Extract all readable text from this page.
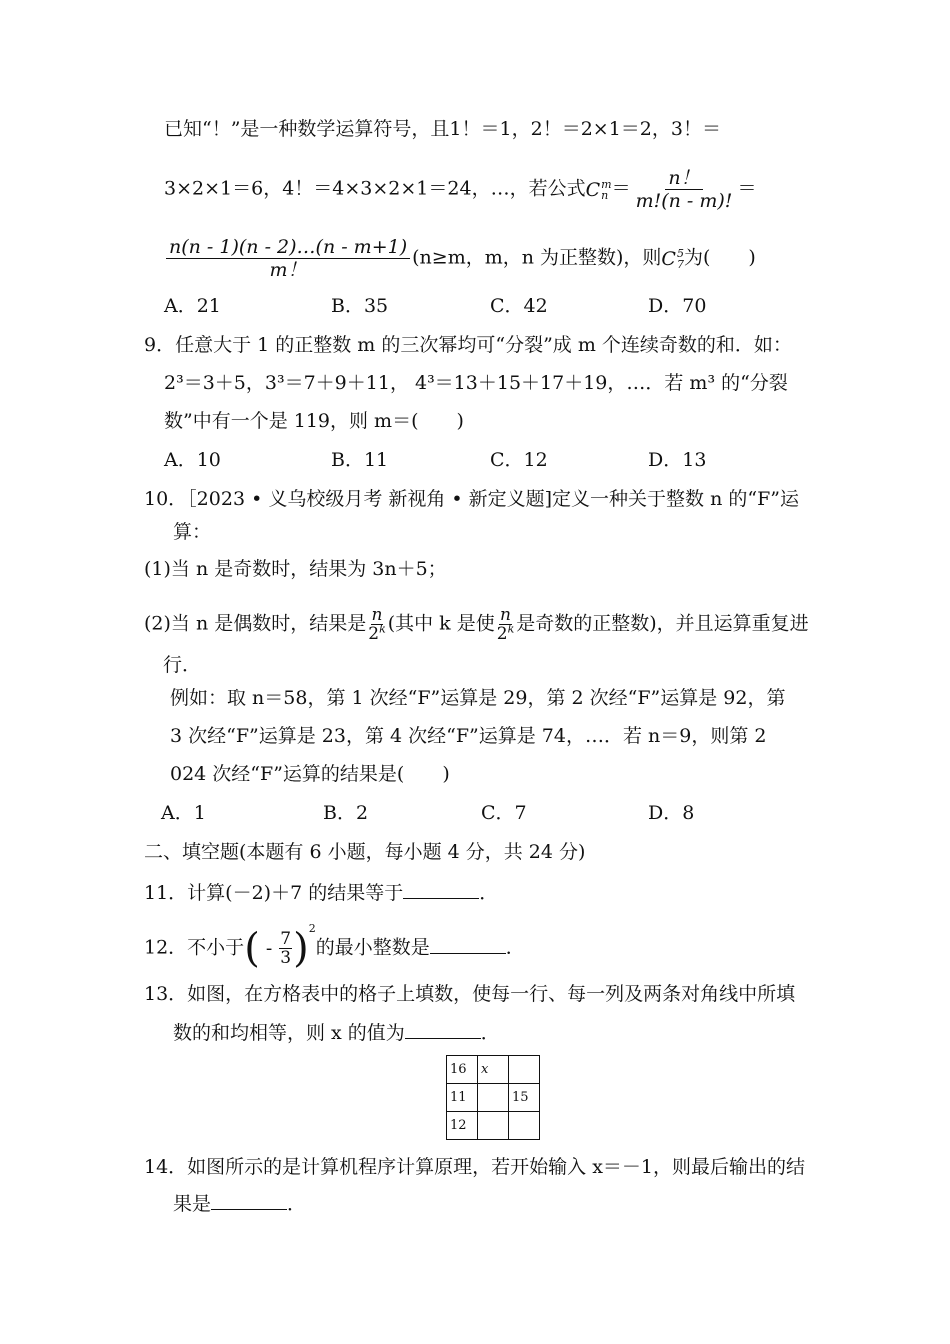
已知“！”是一种数学运算符号，且1！＝1，2！＝2×1＝2，3！＝
3×2×1＝6，4！＝4×3×2×1＝24，…，若公式C m
$n = \frac{n!}{m!(n - m)!}$ ＝
$\frac{n(n - 1)(n - 2)\dots(n - m+1)}{m!} (n\ge m$，m，n 为正整数)，则C 5
7 为(　　)
A．21	B．35	C．42	D．70
9．任意大于 1 的正整数 m 的三次幂均可“分裂”成 m 个连续奇数的和．如：
2³＝3＋5，3³＝7＋9＋11， 4³＝13＋15＋17＋19，…．若 m³ 的“分裂
数”中有一个是 119，则 m＝(　　)
A．10	B．11	C．12	D．13
10．［2023 • 义乌校级月考 新视角 • 新定义题]定义一种关于整数 n 的“F”运
算：
(1)当 n 是奇数时，结果为 3n＋5；
(2)当 n 是偶数时，结果是 $\frac{n}{2^k}$ (其中 k 是使 $\frac{n}{2^k}$ 是奇数的正整数)，并且运算重复进
行．
例如：取 n＝58，第 1 次经“F”运算是 29，第 2 次经“F”运算是 92，第
3 次经“F”运算是 23，第 4 次经“F”运算是 74，…．若 n＝9，则第 2
024 次经“F”运算的结果是(　　)
A．1	B．2	C．7	D．8
二、填空题(本题有 6 小题，每小题 4 分，共 24 分)
11．计算(－2)＋7 的结果等于	．
12．不小于( - $\frac{7}{3} )^2$的最小整数是	．
13．如图，在方格表中的格子上填数，使每一行、每一列及两条对角线中所填
数的和均相等，则 x 的值为	．
16	x	
11		15
12		
14．如图所示的是计算机程序计算原理，若开始输入 x＝－1，则最后输出的结
果是	．
